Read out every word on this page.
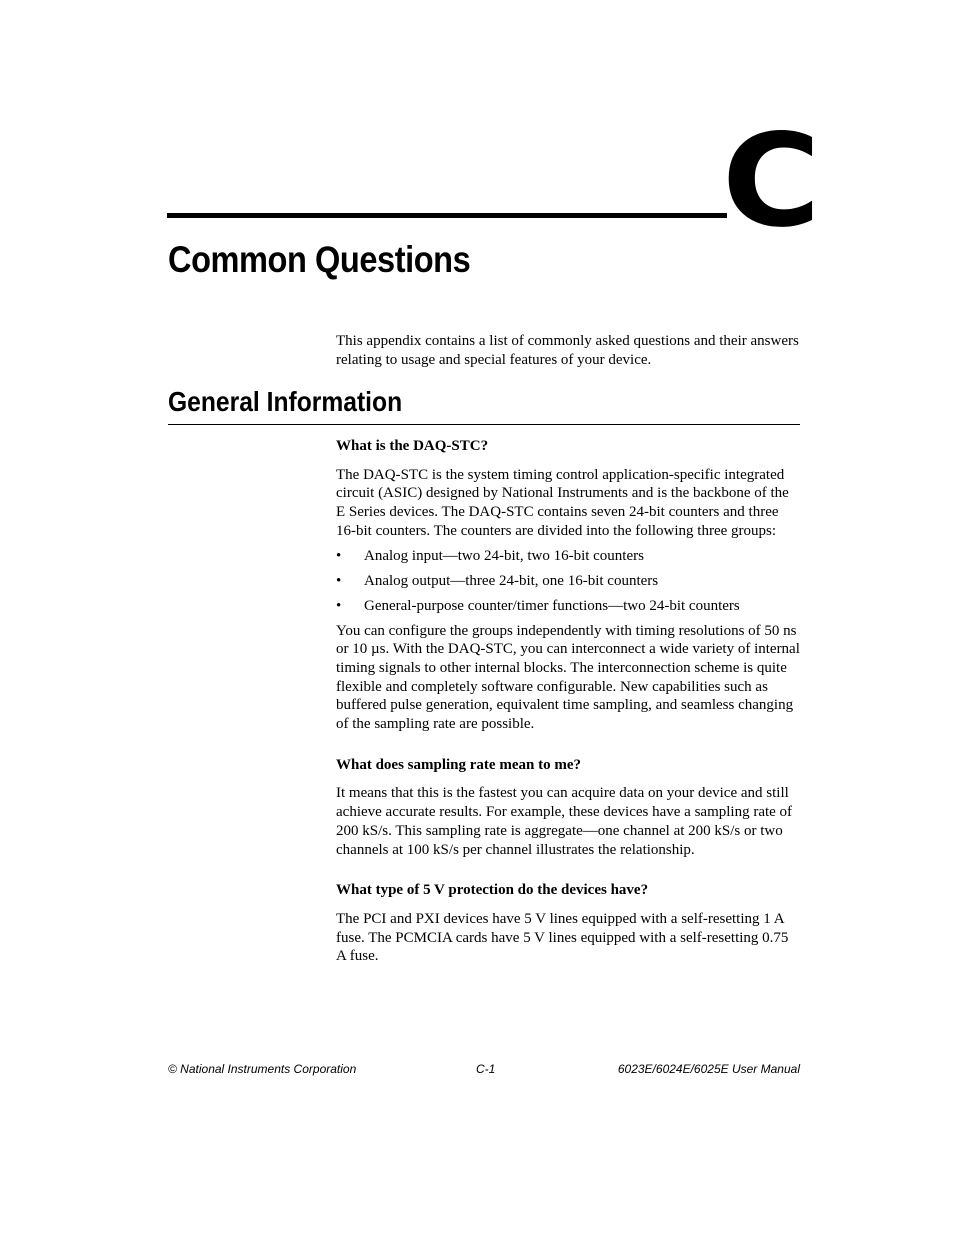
C
Common Questions

This appendix contains a list of commonly asked questions and their answers relating to usage and special features of your device.

General Information
What is the DAQ-STC?

The DAQ-STC is the system timing control application-specific integrated circuit (ASIC) designed by National Instruments and is the backbone of the E Series devices. The DAQ-STC contains seven 24-bit counters and three 16-bit counters. The counters are divided into the following three groups:

• Analog input—two 24-bit, two 16-bit counters
• Analog output—three 24-bit, one 16-bit counters
• General-purpose counter/timer functions—two 24-bit counters

You can configure the groups independently with timing resolutions of 50 ns or 10 µs. With the DAQ-STC, you can interconnect a wide variety of internal timing signals to other internal blocks. The interconnection scheme is quite flexible and completely software configurable. New capabilities such as buffered pulse generation, equivalent time sampling, and seamless changing of the sampling rate are possible.

What does sampling rate mean to me?

It means that this is the fastest you can acquire data on your device and still achieve accurate results. For example, these devices have a sampling rate of 200 kS/s. This sampling rate is aggregate—one channel at 200 kS/s or two channels at 100 kS/s per channel illustrates the relationship.

What type of 5 V protection do the devices have?

The PCI and PXI devices have 5 V lines equipped with a self-resetting 1 A fuse. The PCMCIA cards have 5 V lines equipped with a self-resetting 0.75 A fuse.

© National Instruments Corporation	C-1	6023E/6024E/6025E User Manual
